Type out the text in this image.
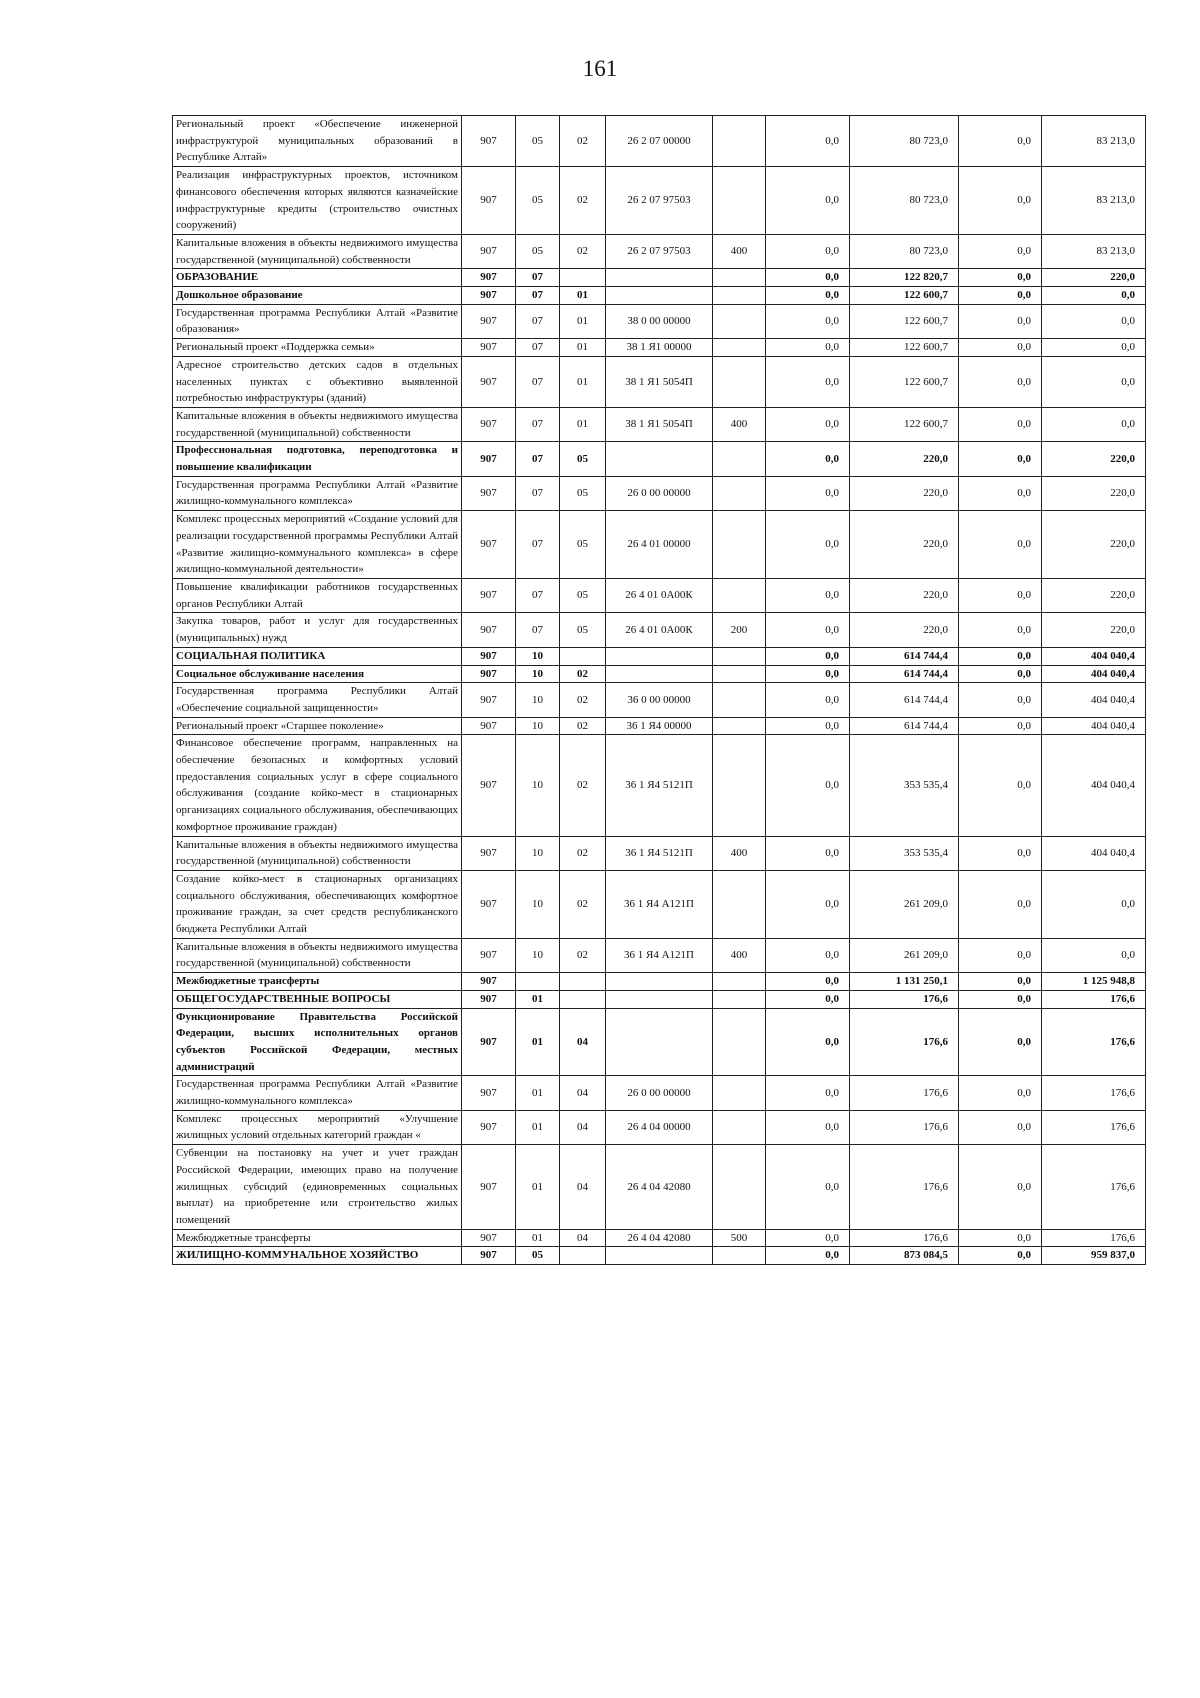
161
Региональный проект «Обеспечение инженерной инфраструктурой муниципальных образований в Республике Алтай»	907	05	02	26 2 07 00000		0,0	80 723,0	0,0	83 213,0
Реализация инфраструктурных проектов, источником финансового обеспечения которых являются казначейские инфраструктурные кредиты (строительство очистных сооружений)	907	05	02	26 2 07 97503		0,0	80 723,0	0,0	83 213,0
Капитальные вложения в объекты недвижимого имущества государственной (муниципальной) собственности	907	05	02	26 2 07 97503	400	0,0	80 723,0	0,0	83 213,0
ОБРАЗОВАНИЕ	907	07				0,0	122 820,7	0,0	220,0
Дошкольное образование	907	07	01			0,0	122 600,7	0,0	0,0
Государственная программа Республики Алтай «Развитие образования»	907	07	01	38 0 00 00000		0,0	122 600,7	0,0	0,0
Региональный проект «Поддержка семьи»	907	07	01	38 1 Я1 00000		0,0	122 600,7	0,0	0,0
Адресное строительство детских садов в отдельных населенных пунктах с объективно выявленной потребностью инфраструктуры (зданий)	907	07	01	38 1 Я1 5054П		0,0	122 600,7	0,0	0,0
Капитальные вложения в объекты недвижимого имущества государственной (муниципальной) собственности	907	07	01	38 1 Я1 5054П	400	0,0	122 600,7	0,0	0,0
Профессиональная подготовка, переподготовка и повышение квалификации	907	07	05			0,0	220,0	0,0	220,0
Государственная программа Республики Алтай «Развитие жилищно-коммунального комплекса»	907	07	05	26 0 00 00000		0,0	220,0	0,0	220,0
Комплекс процессных мероприятий «Создание условий для реализации государственной программы Республики Алтай «Развитие жилищно-коммунального комплекса» в сфере жилищно-коммунальной деятельности»	907	07	05	26 4 01 00000		0,0	220,0	0,0	220,0
Повышение квалификации работников государственных органов Республики Алтай	907	07	05	26 4 01 0А00К		0,0	220,0	0,0	220,0
Закупка товаров, работ и услуг для государственных (муниципальных) нужд	907	07	05	26 4 01 0А00К	200	0,0	220,0	0,0	220,0
СОЦИАЛЬНАЯ ПОЛИТИКА	907	10				0,0	614 744,4	0,0	404 040,4
Социальное обслуживание населения	907	10	02			0,0	614 744,4	0,0	404 040,4
Государственная программа Республики Алтай «Обеспечение социальной защищенности»	907	10	02	36 0 00 00000		0,0	614 744,4	0,0	404 040,4
Региональный проект «Старшее поколение»	907	10	02	36 1 Я4 00000		0,0	614 744,4	0,0	404 040,4
Финансовое обеспечение программ, направленных на обеспечение безопасных и комфортных условий предоставления социальных услуг в сфере социального обслуживания (создание койко-мест в стационарных организациях социального обслуживания, обеспечивающих комфортное проживание граждан)	907	10	02	36 1 Я4 5121П		0,0	353 535,4	0,0	404 040,4
Капитальные вложения в объекты недвижимого имущества государственной (муниципальной) собственности	907	10	02	36 1 Я4 5121П	400	0,0	353 535,4	0,0	404 040,4
Создание койко-мест в стационарных организациях социального обслуживания, обеспечивающих комфортное проживание граждан, за счет средств республиканского бюджета Республики Алтай	907	10	02	36 1 Я4 А121П		0,0	261 209,0	0,0	0,0
Капитальные вложения в объекты недвижимого имущества государственной (муниципальной) собственности	907	10	02	36 1 Я4 А121П	400	0,0	261 209,0	0,0	0,0
Межбюджетные трансферты	907					0,0	1 131 250,1	0,0	1 125 948,8
ОБЩЕГОСУДАРСТВЕННЫЕ ВОПРОСЫ	907	01				0,0	176,6	0,0	176,6
Функционирование Правительства Российской Федерации, высших исполнительных органов субъектов Российской Федерации, местных администраций	907	01	04			0,0	176,6	0,0	176,6
Государственная программа Республики Алтай «Развитие жилищно-коммунального комплекса»	907	01	04	26 0 00 00000		0,0	176,6	0,0	176,6
Комплекс процессных мероприятий «Улучшение жилищных условий отдельных категорий граждан «	907	01	04	26 4 04 00000		0,0	176,6	0,0	176,6
Субвенции на постановку на учет и учет граждан Российской Федерации, имеющих право на получение жилищных субсидий (единовременных социальных выплат) на приобретение или строительство жилых помещений	907	01	04	26 4 04 42080		0,0	176,6	0,0	176,6
Межбюджетные трансферты	907	01	04	26 4 04 42080	500	0,0	176,6	0,0	176,6
ЖИЛИЩНО-КОММУНАЛЬНОЕ ХОЗЯЙСТВО	907	05				0,0	873 084,5	0,0	959 837,0
